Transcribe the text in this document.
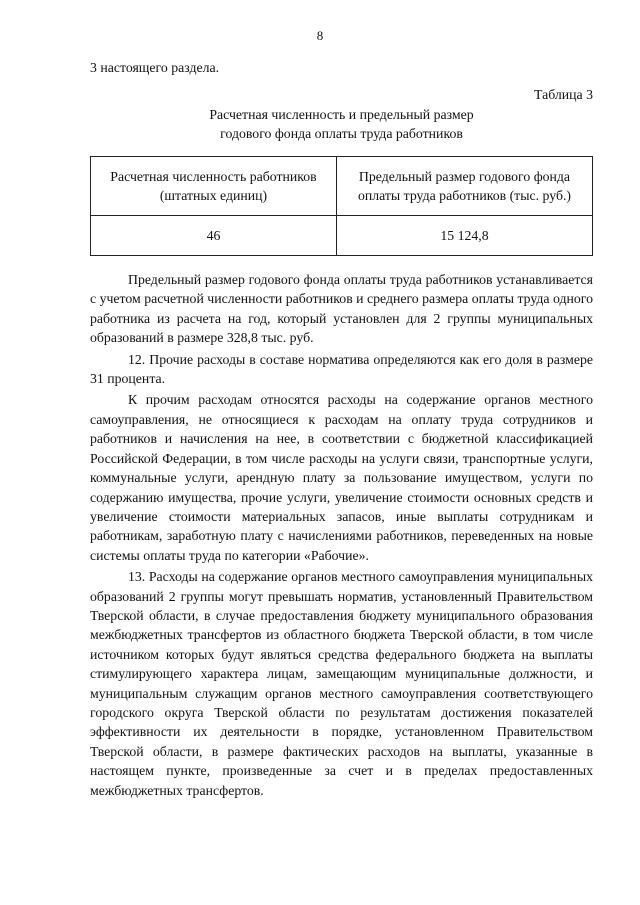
8

3 настоящего раздела.

Таблица 3

Расчетная численность и предельный размер
годового фонда оплаты труда работников
Расчетная численность работников (штатных единиц)	Предельный размер годового фонда оплаты труда работников (тыс. руб.)
46	15 124,8

Предельный размер годового фонда оплаты труда работников устанавливается с учетом расчетной численности работников и среднего размера оплаты труда одного работника из расчета на год, который установлен для 2 группы муниципальных образований в размере 328,8 тыс. руб.

12. Прочие расходы в составе норматива определяются как его доля в размере 31 процента.

К прочим расходам относятся расходы на содержание органов местного самоуправления, не относящиеся к расходам на оплату труда сотрудников и работников и начисления на нее, в соответствии с бюджетной классификацией Российской Федерации, в том числе расходы на услуги связи, транспортные услуги, коммунальные услуги, арендную плату за пользование имуществом, услуги по содержанию имущества, прочие услуги, увеличение стоимости основных средств и увеличение стоимости материальных запасов, иные выплаты сотрудникам и работникам, заработную плату с начислениями работников, переведенных на новые системы оплаты труда по категории «Рабочие».

13. Расходы на содержание органов местного самоуправления муниципальных образований 2 группы могут превышать норматив, установленный Правительством Тверской области, в случае предоставления бюджету муниципального образования межбюджетных трансфертов из областного бюджета Тверской области, в том числе источником которых будут являться средства федерального бюджета на выплаты стимулирующего характера лицам, замещающим муниципальные должности, и муниципальным служащим органов местного самоуправления соответствующего городского округа Тверской области по результатам достижения показателей эффективности их деятельности в порядке, установленном Правительством Тверской области, в размере фактических расходов на выплаты, указанные в настоящем пункте, произведенные за счет и в пределах предоставленных межбюджетных трансфертов.
